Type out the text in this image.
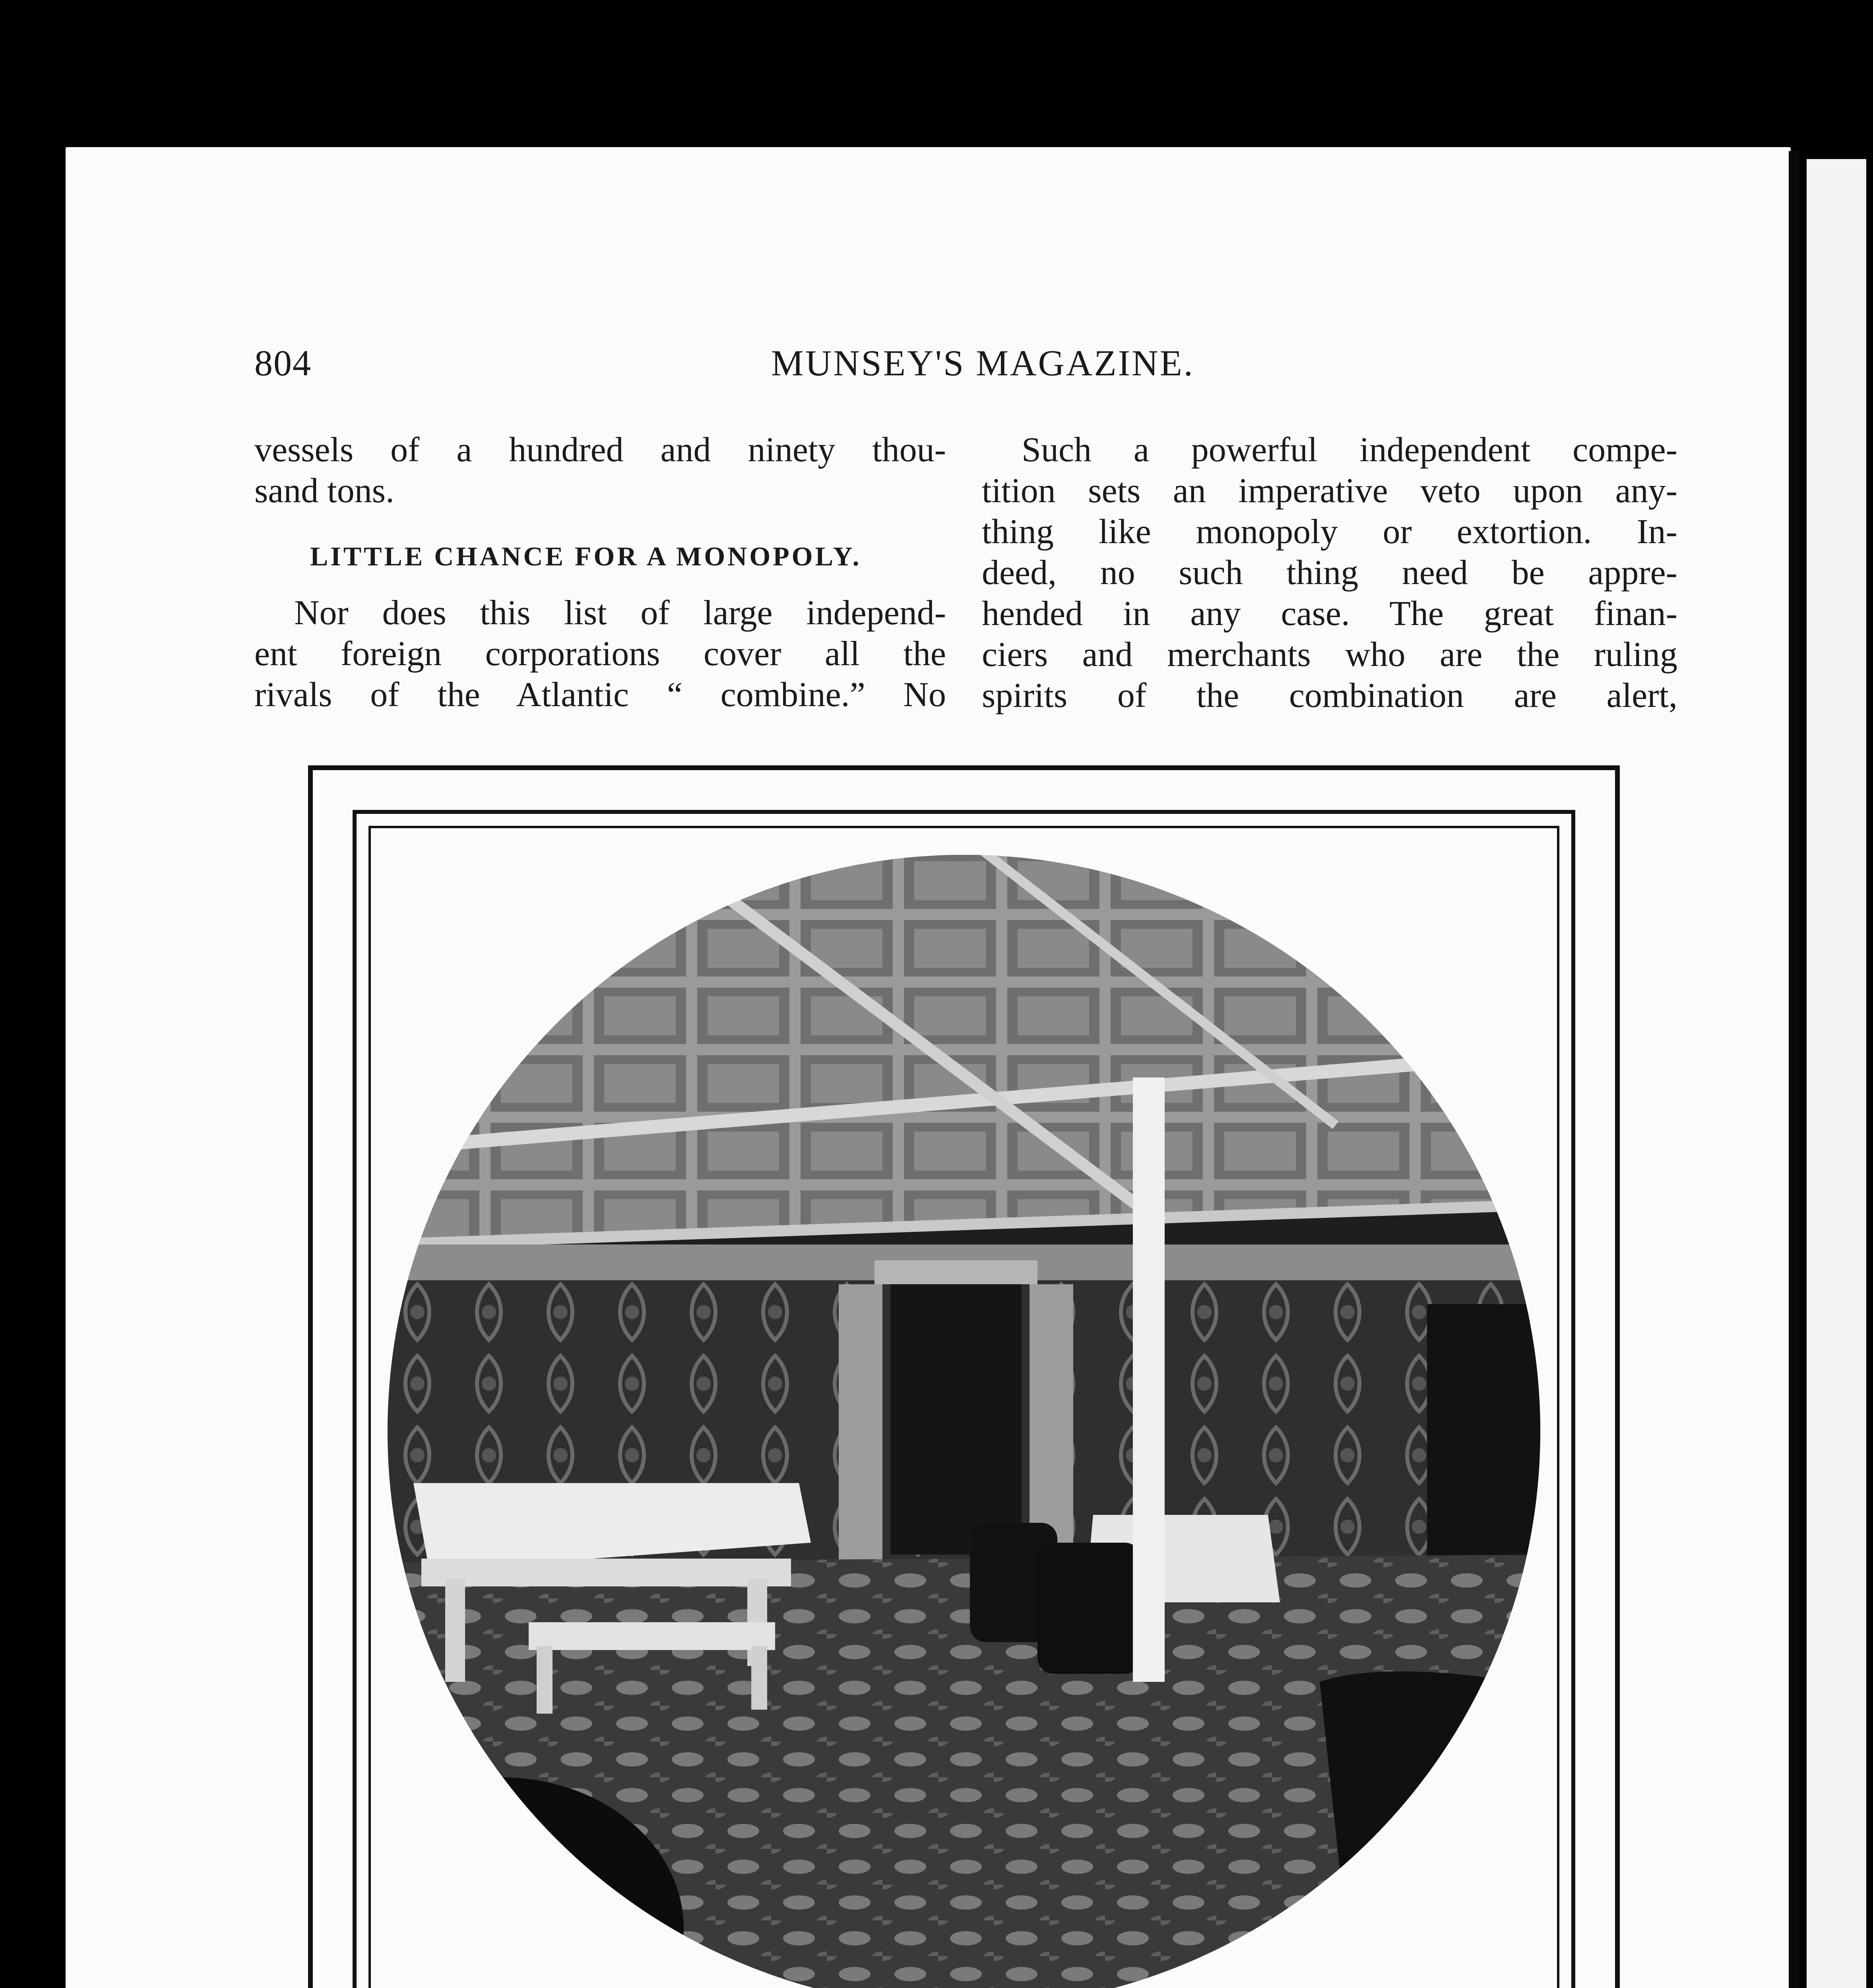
804	MUNSEY'S MAGAZINE.
vessels of a hundred and ninety thou-
sand tons.
LITTLE CHANCE FOR A MONOPOLY.
Nor does this list of large independ-
ent foreign corporations cover all the
rivals of the Atlantic “ combine.” No
Such a powerful independent compe-
tition sets an imperative veto upon any-
thing like monopoly or extortion. In-
deed, no such thing need be appre-
hended in any case. The great finan-
ciers and merchants who are the ruling
spirits of the combination are alert,
